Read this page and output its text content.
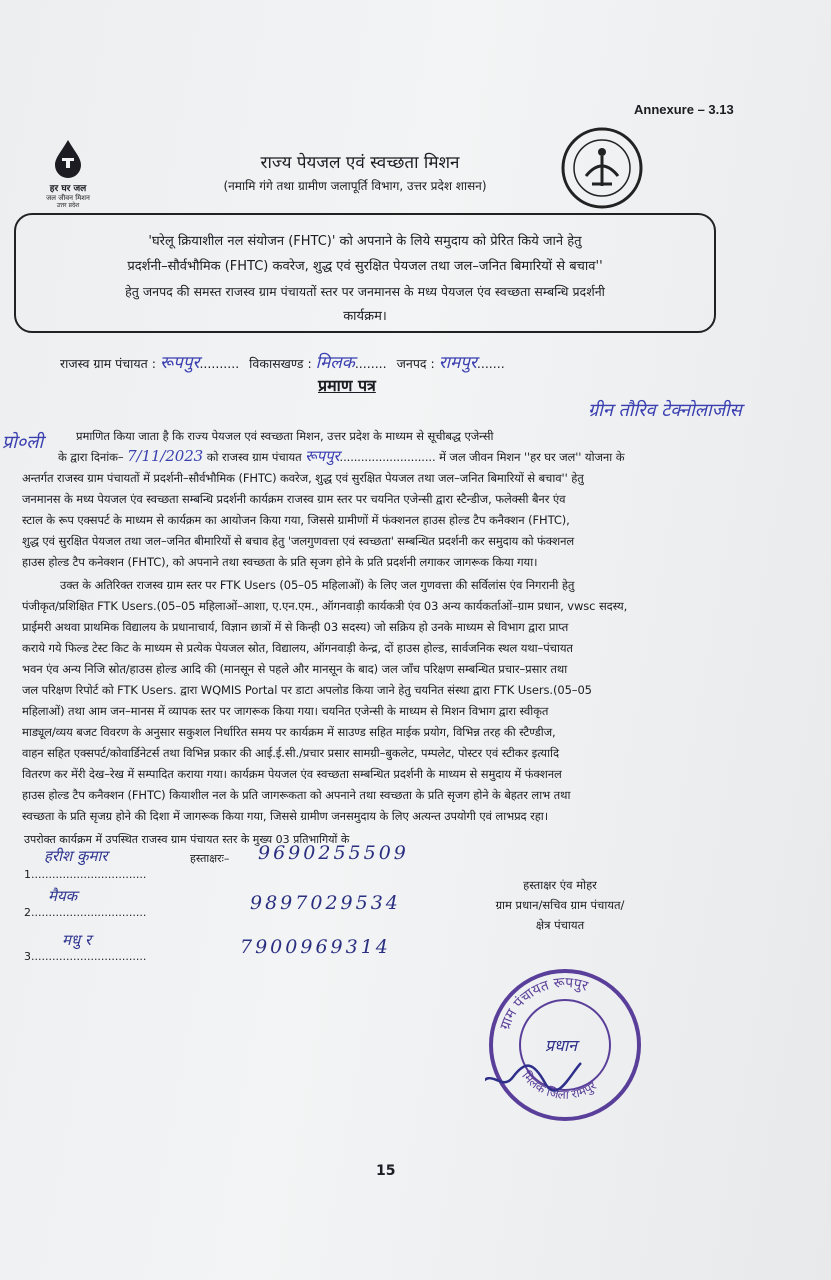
Annexure – 3.13
हर घर जल
जल जीवन मिशन
उत्तर प्रदेश
राज्य पेयजल एवं स्वच्छता मिशन
(नमामि गंगे तथा ग्रामीण जलापूर्ति विभाग, उत्तर प्रदेश शासन)
'घरेलू क्रियाशील नल संयोजन (FHTC)' को अपनाने के लिये समुदाय को प्रेरित किये जाने हेतु
प्रदर्शनी–सौर्वभौमिक (FHTC) कवरेज, शुद्ध एवं सुरक्षित पेयजल तथा जल–जनित बिमारियों से बचाव''
हेतु जनपद की समस्त राजस्व ग्राम पंचायतों स्तर पर जनमानस के मध्य पेयजल एंव स्वच्छता सम्बन्धि प्रदर्शनी
कार्यक्रम।
राजस्व ग्राम पंचायत : रूपपुर.......... विकासखण्ड : मिलक........ जनपद : रामपुर.......
प्रमाण पत्र
ग्रीन तौरिव टेक्नोलाजीस
प्रो०ली	प्रमाणित किया जाता है कि राज्य पेयजल एवं स्वच्छता मिशन, उत्तर प्रदेश के माध्यम से सूचीबद्ध एजेन्सी
के द्वारा दिनांक– 7/11/2023 को राजस्व ग्राम पंचायत रूपपुर........................... में जल जीवन मिशन ''हर घर जल'' योजना के
अन्तर्गत राजस्व ग्राम पंचायतों में प्रदर्शनी–सौर्वभौमिक (FHTC) कवरेज, शुद्ध एवं सुरक्षित पेयजल तथा जल–जनित बिमारियों से बचाव'' हेतु
जनमानस के मध्य पेयजल एंव स्वच्छता सम्बन्धि प्रदर्शनी कार्यक्रम राजस्व ग्राम स्तर पर चयनित एजेन्सी द्वारा स्टैन्डीज, फलेक्सी बैनर एंव
स्टाल के रूप एक्सपर्ट के माध्यम से कार्यक्रम का आयोजन किया गया, जिससे ग्रामीणों में फंक्शनल हाउस होल्ड टैप कनैक्शन (FHTC),
शुद्ध एवं सुरक्षित पेयजल तथा जल–जनित बीमारियों से बचाव हेतु 'जलगुणवत्ता एवं स्वच्छता' सम्बन्धित प्रदर्शनी कर समुदाय को फंक्शनल
हाउस होल्ड टैप कनेक्शन (FHTC), को अपनाने तथा स्वच्छता के प्रति सृजग होने के प्रति प्रदर्शनी लगाकर जागरूक किया गया।
उक्त के अतिरिक्त राजस्व ग्राम स्तर पर FTK Users (05–05 महिलाओं) के लिए जल गुणवत्ता की सर्विलांस एंव निगरानी हेतु
पंजीकृत/प्रशिक्षित FTK Users.(05–05 महिलाओं–आशा, ए.एन.एम., ऑगनवाड़ी कार्यकत्री एंव 03 अन्य कार्यकर्ताओं–ग्राम प्रधान, vwsc सदस्य,
प्राईमरी अथवा प्राथमिक विद्यालय के प्रधानाचार्य, विज्ञान छात्रों में से किन्ही 03 सदस्य) जो सक्रिय हो उनके माध्यम से विभाग द्वारा प्राप्त
कराये गये फिल्ड टेस्ट किट के माध्यम से प्रत्येक पेयजल स्रोत, विद्यालय, ऑगनवाड़ी केन्द्र, दों हाउस होल्ड, सार्वजनिक स्थल यथा–पंचायत
भवन एंव अन्य निजि स्रोत/हाउस होल्ड आदि की (मानसून से पहले और मानसून के बाद) जल जाँच परिक्षण सम्बन्धित प्रचार–प्रसार तथा
जल परिक्षण रिपोर्ट को FTK Users. द्वारा WQMIS Portal पर डाटा अपलोड किया जाने हेतु चयनित संस्था द्वारा FTK Users.(05–05
महिलाओं) तथा आम जन–मानस में व्यापक स्तर पर जागरूक किया गया। चयनित एजेन्सी के माध्यम से मिशन विभाग द्वारा स्वीकृत
माड्यूल/व्यय बजट विवरण के अनुसार सकुशल निर्धारित समय पर कार्यक्रम में साउण्ड सहित माईक प्रयोग, विभिन्न तरह की स्टैण्डीज,
वाहन सहित एक्सपर्ट/कोवार्डिनेटर्स तथा विभिन्न प्रकार की आई.ई.सी./प्रचार प्रसार सामग्री–बुकलेट, पम्पलेट, पोस्टर एवं स्टीकर इत्यादि
वितरण कर मेंरी देख–रेख में सम्पादित कराया गया। कार्यक्रम पेयजल एंव स्वच्छता सम्बन्धित प्रदर्शनी के माध्यम से समुदाय में फंक्शनल
हाउस होल्ड टैप कनैक्शन (FHTC) कियाशील नल के प्रति जागरूकता को अपनाने तथा स्वच्छता के प्रति सृजग होने के बेहतर लाभ तथा
स्वच्छता के प्रति सृजग्र होने की दिशा में जागरूक किया गया, जिससे ग्रामीण जनसमुदाय के लिए अत्यन्त उपयोगी एवं लाभप्रद रहा।
उपरोक्त कार्यक्रम में उपस्थित राजस्व ग्राम पंचायत स्तर के मुख्य 03 प्रतिभागियों के
हस्ताक्षरः–
1.................................
हरीश कुमार	9690255509
2.................................
मैयक	9897029534
3.................................
मधु र	7900969314
हस्ताक्षर एंव मोहर
ग्राम प्रधान/सचिव ग्राम पंचायत/
क्षेत्र पंचायत
ग्राम पंचायत रूपपुर
मिलक जिला रामपुर
प्रधान
15
